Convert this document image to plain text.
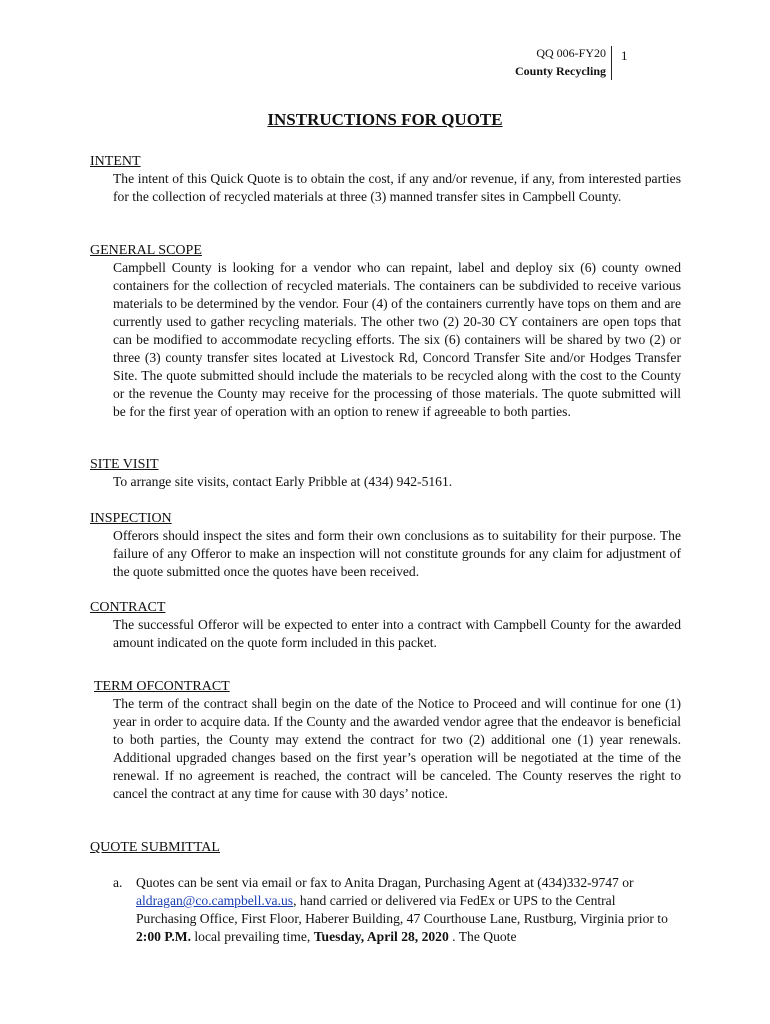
QQ 006-FY20
County Recycling
1
INSTRUCTIONS FOR QUOTE
INTENT
The intent of this Quick Quote is to obtain the cost, if any and/or revenue, if any, from interested parties for the collection of recycled materials at three (3) manned transfer sites in Campbell County.
GENERAL SCOPE
Campbell County is looking for a vendor who can repaint, label and deploy six (6) county owned containers for the collection of recycled materials. The containers can be subdivided to receive various materials to be determined by the vendor. Four (4) of the containers currently have tops on them and are currently used to gather recycling materials. The other two (2) 20-30 CY containers are open tops that can be modified to accommodate recycling efforts. The six (6) containers will be shared by two (2) or three (3) county transfer sites located at Livestock Rd, Concord Transfer Site and/or Hodges Transfer Site. The quote submitted should include the materials to be recycled along with the cost to the County or the revenue the County may receive for the processing of those materials. The quote submitted will be for the first year of operation with an option to renew if agreeable to both parties.
SITE VISIT
To arrange site visits, contact Early Pribble at (434) 942-5161.
INSPECTION
Offerors should inspect the sites and form their own conclusions as to suitability for their purpose. The failure of any Offeror to make an inspection will not constitute grounds for any claim for adjustment of the quote submitted once the quotes have been received.
CONTRACT
The successful Offeror will be expected to enter into a contract with Campbell County for the awarded amount indicated on the quote form included in this packet.
TERM OFCONTRACT
The term of the contract shall begin on the date of the Notice to Proceed and will continue for one (1) year in order to acquire data. If the County and the awarded vendor agree that the endeavor is beneficial to both parties, the County may extend the contract for two (2) additional one (1) year renewals. Additional upgraded changes based on the first year’s operation will be negotiated at the time of the renewal. If no agreement is reached, the contract will be canceled. The County reserves the right to cancel the contract at any time for cause with 30 days’ notice.
QUOTE SUBMITTAL
a. Quotes can be sent via email or fax to Anita Dragan, Purchasing Agent at (434)332-9747 or aldragan@co.campbell.va.us, hand carried or delivered via FedEx or UPS to the Central Purchasing Office, First Floor, Haberer Building, 47 Courthouse Lane, Rustburg, Virginia prior to 2:00 P.M. local prevailing time, Tuesday, April 28, 2020 . The Quote
